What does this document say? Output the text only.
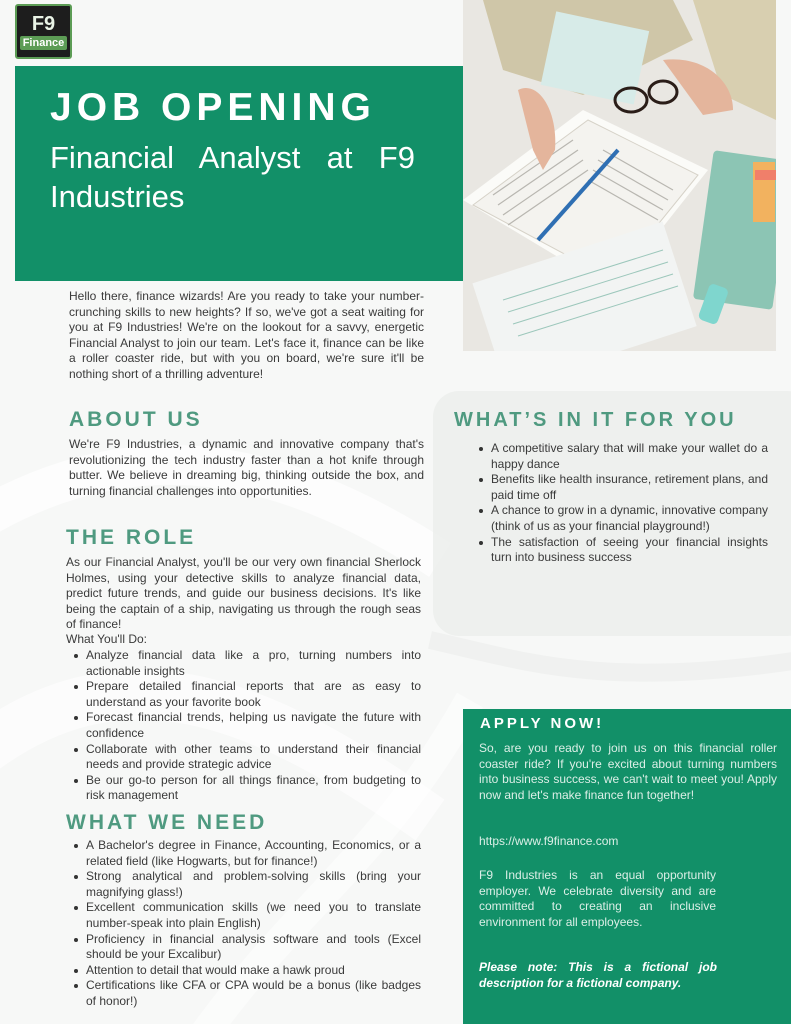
F9
Finance
JOB OPENING
Financial Analyst at F9 Industries

Hello there, finance wizards! Are you ready to take your number-crunching skills to new heights? If so, we've got a seat waiting for you at F9 Industries! We're on the lookout for a savvy, energetic Financial Analyst to join our team. Let's face it, finance can be like a roller coaster ride, but with you on board, we're sure it'll be nothing short of a thrilling adventure!

ABOUT US

We're F9 Industries, a dynamic and innovative company that's revolutionizing the tech industry faster than a hot knife through butter. We believe in dreaming big, thinking outside the box, and turning financial challenges into opportunities.

THE ROLE

As our Financial Analyst, you'll be our very own financial Sherlock Holmes, using your detective skills to analyze financial data, predict future trends, and guide our business decisions. It's like being the captain of a ship, navigating us through the rough seas of finance!

What You'll Do:

Analyze financial data like a pro, turning numbers into actionable insights
Prepare detailed financial reports that are as easy to understand as your favorite book
Forecast financial trends, helping us navigate the future with confidence
Collaborate with other teams to understand their financial needs and provide strategic advice
Be our go-to person for all things finance, from budgeting to risk management
WHAT WE NEED
A Bachelor's degree in Finance, Accounting, Economics, or a related field (like Hogwarts, but for finance!)
Strong analytical and problem-solving skills (bring your magnifying glass!)
Excellent communication skills (we need you to translate number-speak into plain English)
Proficiency in financial analysis software and tools (Excel should be your Excalibur)
Attention to detail that would make a hawk proud
Certifications like CFA or CPA would be a bonus (like badges of honor!)
WHAT’S IN IT FOR YOU
A competitive salary that will make your wallet do a happy dance
Benefits like health insurance, retirement plans, and paid time off
A chance to grow in a dynamic, innovative company (think of us as your financial playground!)
The satisfaction of seeing your financial insights turn into business success
APPLY NOW!

So, are you ready to join us on this financial roller coaster ride? If you're excited about turning numbers into business success, we can't wait to meet you! Apply now and let's make finance fun together!

https://www.f9finance.com

F9 Industries is an equal opportunity employer. We celebrate diversity and are committed to creating an inclusive environment for all employees.

Please note: This is a fictional job description for a fictional company.
